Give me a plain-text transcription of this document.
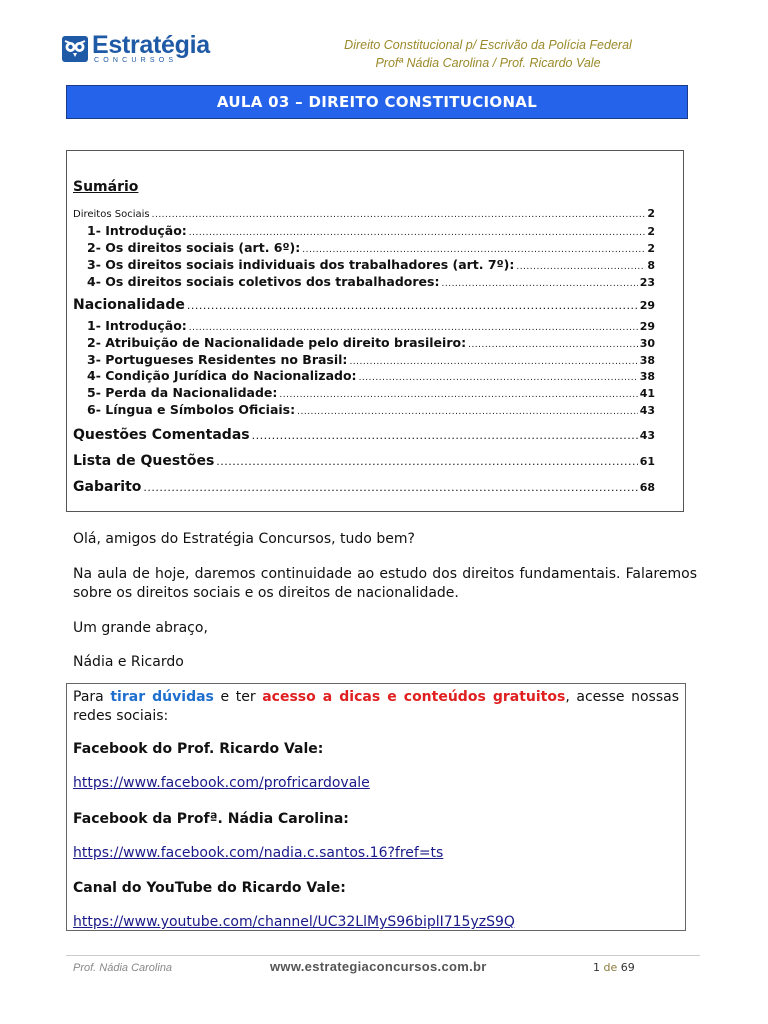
Estratégia
CONCURSOS
Direito Constitucional p/ Escrivão da Polícia Federal
Profª Nádia Carolina / Prof. Ricardo Vale
AULA 03 – DIREITO CONSTITUCIONAL
Sumário
Direitos Sociais .....	2
1- Introdução: .....	2
2- Os direitos sociais (art. 6º): .....	2
3- Os direitos sociais individuais dos trabalhadores (art. 7º): .....	8
4- Os direitos sociais coletivos dos trabalhadores: .....	23
Nacionalidade .....	29
1- Introdução: .....	29
2- Atribuição de Nacionalidade pelo direito brasileiro: .....	30
3- Portugueses Residentes no Brasil: .....	38
4- Condição Jurídica do Nacionalizado: .....	38
5- Perda da Nacionalidade: .....	41
6- Língua e Símbolos Oficiais: .....	43
Questões Comentadas .....	43
Lista de Questões .....	61
Gabarito .....	68
Olá, amigos do Estratégia Concursos, tudo bem?
Na aula de hoje, daremos continuidade ao estudo dos direitos fundamentais. Falaremos sobre os direitos sociais e os direitos de nacionalidade.
Um grande abraço,
Nádia e Ricardo
Para tirar dúvidas e ter acesso a dicas e conteúdos gratuitos, acesse nossas redes sociais:
Facebook do Prof. Ricardo Vale:
https://www.facebook.com/profricardovale
Facebook da Profª. Nádia Carolina:
https://www.facebook.com/nadia.c.santos.16?fref=ts
Canal do YouTube do Ricardo Vale:
https://www.youtube.com/channel/UC32LlMyS96biplI715yzS9Q
Prof. Nádia Carolina	www.estrategiaconcursos.com.br	1 de 69
